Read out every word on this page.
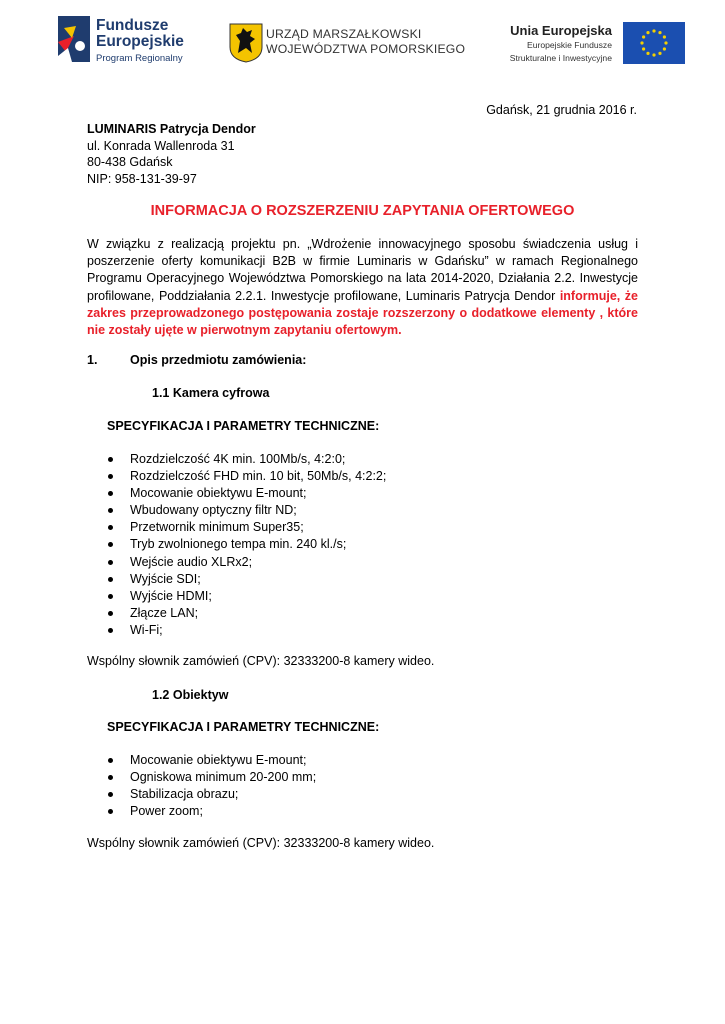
Fundusze
Europejskie
Program Regionalny
URZĄD MARSZAŁKOWSKI
WOJEWÓDZTWA POMORSKIEGO
Unia Europejska
Europejskie Fundusze
Strukturalne i Inwestycyjne
Gdańsk, 21 grudnia 2016 r.
LUMINARIS Patrycja Dendor
ul. Konrada Wallenroda 31
80-438 Gdańsk
NIP: 958-131-39-97
INFORMACJA O ROZSZERZENIU ZAPYTANIA OFERTOWEGO
W związku z realizacją projektu pn. „Wdrożenie innowacyjnego sposobu świadczenia usług i poszerzenie oferty komunikacji B2B w firmie Luminaris w Gdańsku” w ramach Regionalnego Programu Operacyjnego Województwa Pomorskiego na lata 2014-2020, Działania 2.2. Inwestycje profilowane, Poddziałania 2.2.1. Inwestycje profilowane, Luminaris Patrycja Dendor informuje, że zakres przeprowadzonego postępowania zostaje rozszerzony o dodatkowe elementy , które nie zostały ujęte w pierwotnym zapytaniu ofertowym.
1.	Opis przedmiotu zamówienia:
1.1 Kamera cyfrowa
SPECYFIKACJA I PARAMETRY TECHNICZNE:
Rozdzielczość 4K min. 100Mb/s, 4:2:0;
Rozdzielczość FHD min. 10 bit, 50Mb/s, 4:2:2;
Mocowanie obiektywu E-mount;
Wbudowany optyczny filtr ND;
Przetwornik minimum Super35;
Tryb zwolnionego tempa min. 240 kl./s;
Wejście audio XLRx2;
Wyjście SDI;
Wyjście HDMI;
Złącze LAN;
Wi-Fi;
Wspólny słownik zamówień (CPV): 32333200-8 kamery wideo.
1.2 Obiektyw
SPECYFIKACJA I PARAMETRY TECHNICZNE:
Mocowanie obiektywu E-mount;
Ogniskowa minimum 20-200 mm;
Stabilizacja obrazu;
Power zoom;
Wspólny słownik zamówień (CPV): 32333200-8 kamery wideo.
